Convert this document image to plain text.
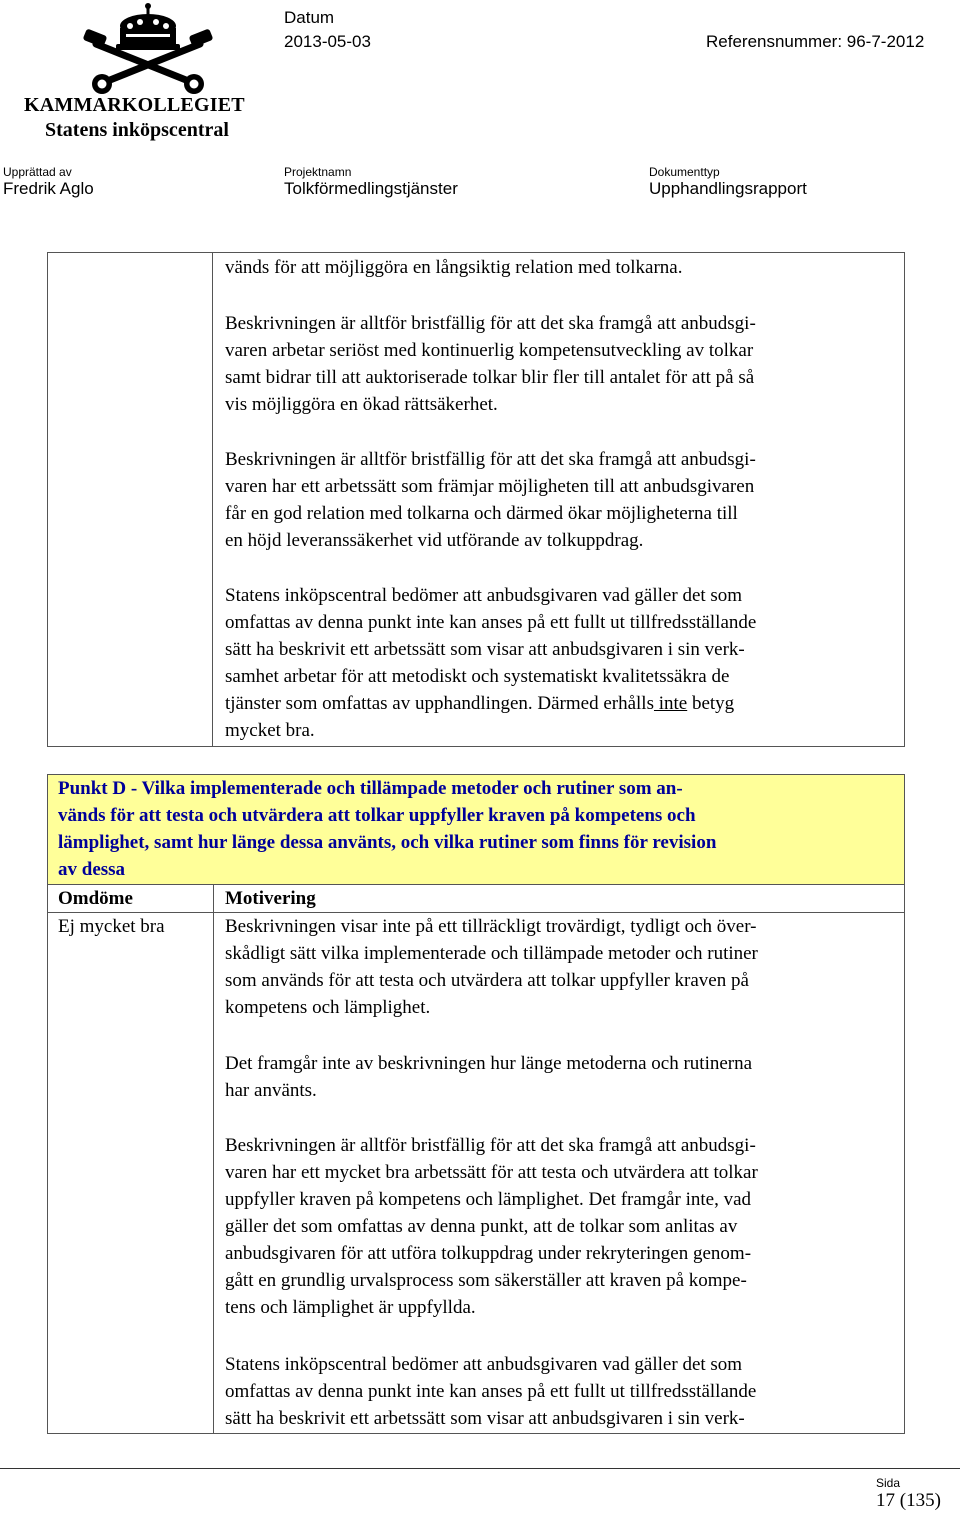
KAMMARKOLLEGIET
Statens inköpscentral
Datum
2013-05-03	Referensnummer: 96-7-2012
Upprättad av
Fredrik Aglo
Projektnamn
Tolkförmedlingstjänster
Dokumenttyp
Upphandlingsrapport
vänds för att möjliggöra en långsiktig relation med tolkarna.
Beskrivningen är alltför bristfällig för att det ska framgå att anbudsgi-
varen arbetar seriöst med kontinuerlig kompetensutveckling av tolkar
samt bidrar till att auktoriserade tolkar blir fler till antalet för att på så
vis möjliggöra en ökad rättsäkerhet.
Beskrivningen är alltför bristfällig för att det ska framgå att anbudsgi-
varen har ett arbetssätt som främjar möjligheten till att anbudsgivaren
får en god relation med tolkarna och därmed ökar möjligheterna till
en höjd leveranssäkerhet vid utförande av tolkuppdrag.
Statens inköpscentral bedömer att anbudsgivaren vad gäller det som
omfattas av denna punkt inte kan anses på ett fullt ut tillfredsställande
sätt ha beskrivit ett arbetssätt som visar att anbudsgivaren i sin verk-
samhet arbetar för att metodiskt och systematiskt kvalitetssäkra de
tjänster som omfattas av upphandlingen. Därmed erhålls inte betyg
mycket bra.
Punkt D - Vilka implementerade och tillämpade metoder och rutiner som an-
vänds för att testa och utvärdera att tolkar uppfyller kraven på kompetens och
lämplighet, samt hur länge dessa använts, och vilka rutiner som finns för revision
av dessa
Omdöme	Motivering
Ej mycket bra	Beskrivningen visar inte på ett tillräckligt trovärdigt, tydligt och över-
skådligt sätt vilka implementerade och tillämpade metoder och rutiner
som används för att testa och utvärdera att tolkar uppfyller kraven på
kompetens och lämplighet.
Det framgår inte av beskrivningen hur länge metoderna och rutinerna
har använts.
Beskrivningen är alltför bristfällig för att det ska framgå att anbudsgi-
varen har ett mycket bra arbetssätt för att testa och utvärdera att tolkar
uppfyller kraven på kompetens och lämplighet. Det framgår inte, vad
gäller det som omfattas av denna punkt, att de tolkar som anlitas av
anbudsgivaren för att utföra tolkuppdrag under rekryteringen genom-
gått en grundlig urvalsprocess som säkerställer att kraven på kompe-
tens och lämplighet är uppfyllda.
Statens inköpscentral bedömer att anbudsgivaren vad gäller det som
omfattas av denna punkt inte kan anses på ett fullt ut tillfredsställande
sätt ha beskrivit ett arbetssätt som visar att anbudsgivaren i sin verk-
Sida
17 (135)
